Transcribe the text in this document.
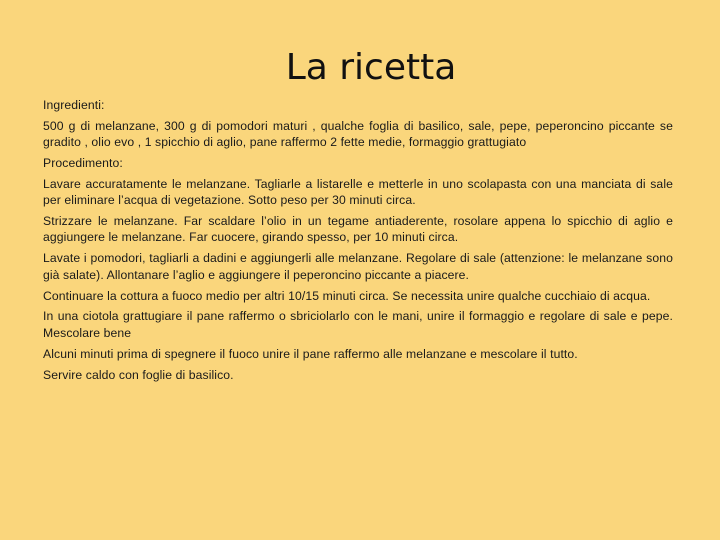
La ricetta

Ingredienti:

500 g di melanzane, 300 g di pomodori maturi , qualche foglia di basilico, sale, pepe, peperoncino piccante se gradito , olio evo , 1 spicchio di aglio, pane raffermo 2 fette medie, formaggio grattugiato

Procedimento:

Lavare accuratamente le melanzane. Tagliarle a listarelle e metterle in uno scolapasta con una manciata di sale per eliminare l’acqua di vegetazione. Sotto peso per 30 minuti circa.

Strizzare le melanzane. Far scaldare l’olio in un tegame antiaderente, rosolare appena lo spicchio di aglio e aggiungere le melanzane. Far cuocere, girando spesso, per 10 minuti circa.

Lavate i pomodori, tagliarli a dadini e aggiungerli alle melanzane. Regolare di sale (attenzione: le melanzane sono già salate). Allontanare l’aglio e aggiungere il peperoncino piccante a piacere.

Continuare la cottura a fuoco medio per altri 10/15 minuti circa. Se necessita unire qualche cucchiaio di acqua.

In una ciotola grattugiare il pane raffermo o sbriciolarlo con le mani, unire il formaggio e regolare di sale e pepe. Mescolare bene

Alcuni minuti prima di spegnere il fuoco unire il pane raffermo alle melanzane e mescolare il tutto.

Servire caldo con foglie di basilico.
